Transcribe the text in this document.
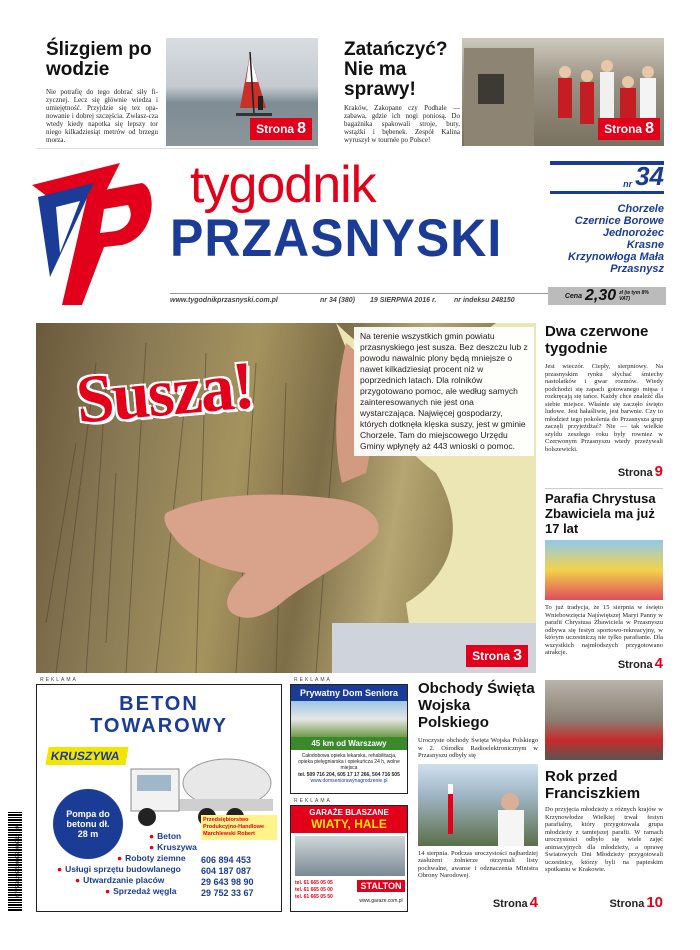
Ślizgiem po wodzie
Nie potrafię do tego dobrać siły fi-zycznej. Lecz się głównie wiedza i umiejętność. Przyjdzie się tez opa-nowanie i dobrej szczęścia. Zwłasz-cza wtedy kiedy napotka się lepszy tor niego kilkadziesiąt metrów od brzegu morza.
Strona 8
Zatańczyć? Nie ma sprawy!
Kraków, Zakopane czy Podhale — zabawa, gdzie ich nogi poniosą. Do bagażnika spakowali stroje, buty, wstążki i bębenek. Zespół Kalina wyruszył w tournée po Polsce!
Strona 8
tygodnik
PRZASNYSKI
nr 34
Chorzele
Czernice Borowe
Jednorożec
Krasne
Krzynowłoga Mała
Przasnysz
www.tygodnikprzasnyski.com.pl	nr 34 (380) 19 SIERPNIA 2016 r.	nr indeksu 248150
Cena 2,30 zł (w tym 8% VAT)
Susza!
Na terenie wszystkich gmin powiatu przasnyskiego jest susza. Bez deszczu lub z powodu nawalnic plony będą mniejsze o nawet kilkadziesiąt procent niż w poprzednich latach. Dla rolników przygotowano pomoc, ale według samych zainteresowanych nie jest ona wystarczająca. Najwięcej gospodarzy, których dotknęła klęska suszy, jest w gminie Chorzele. Tam do miejscowego Urzędu Gminy wpłynęły aż 443 wnioski o pomoc.
Strona 3
Dwa czerwone tygodnie
Jest wieczór. Ciepły, sierpniowy. Na przasnyskim rynku słychać śmiechy nastolatków i gwar rozmów. Wtedy podchodzi się zapach gotowanego mięsa i rozkręcają się tańce. Każdy chce znaleźć dla siebie miejsce. Właśnie się zaczęło święto ludowe. Jest hałaśliwie, jest barwnie. Czy to młodzież tego pokolenia do Przasnysza grup zaczęli przyjeżdżać? Nie — tak wielkie szyldu zeszłego roku były rowniez w Czerwonym Przasnyszu wtedy przeżywali bolszewicki.
Strona 9
Parafia Chrystusa Zbawiciela ma już 17 lat
To już tradycja, że 15 sierpnia w święto Wniebowzięcia Najświętszej Maryi Panny w parafii Chrystusa Zbawiciela w Przasnyszu odbywa się festyn sportowo-rekreacyjny, w którym uczestniczą nie tylko parafianie. Dla wszystkich najmłodszych przygotowano atrakcje.
Strona 4
Rok przed Franciszkiem
Do przyjęcia młodzieży z różnych krajów w Krzynowłodze Wielkiej trwał festyn parafialny, który przygotowała grupa młodzieży z tamtejszej parafii. W ramach uroczystości odbyło się wiele zajęć animacyjnych dla młodzieży, a oprawę Światowych Dni Młodzieży przygotowali uczestnicy, którzy byli na papieskim spotkaniu w Krakowie.
Strona 10
Obchody Święta Wojska Polskiego
Uroczyste obchody Święta Wojska Polskiego w 2. Ośrodku Radioelektronicznym w Przasnyszu odbyły się
14 sierpnia. Podczas uroczystości najbardziej zasłużeni żołnierze otrzymali listy pochwalne, awanse i odznaczenia Ministra Obrony Narodowej.
Strona 4
REKLAMA
BETON
TOWAROWY
KRUSZYWA
Pompa do betonu dł. 28 m	● Beton
● Kruszywa
● Roboty ziemne
● Usługi sprzętu budowlanego
● Utwardzanie placów
● Sprzedaż węgla
Przedsiębiorstwo Produkcyjno-Handlowe Marchlewski Robert
606 894 453
604 187 087
29 643 98 90
29 752 33 67
REKLAMA
Prywatny Dom Seniora
45 km od Warszawy
Całodobowa opieka lekarska, rehabilitacja, opieka pielęgniarska i opiekuńcza 24 h, wolne miejsca
tel. 509 716 204, 605 17 17 266, 504 716 505
www.domseniorawynagrodzenie.pl
REKLAMA
GARAŻE BLASZANE
WIATY, HALE
tel. 61 665 05 05
tel. 61 665 05 00
tel. 61 665 05 50
STALTON
www.garaze.com.pl
977208283520002100012 34
